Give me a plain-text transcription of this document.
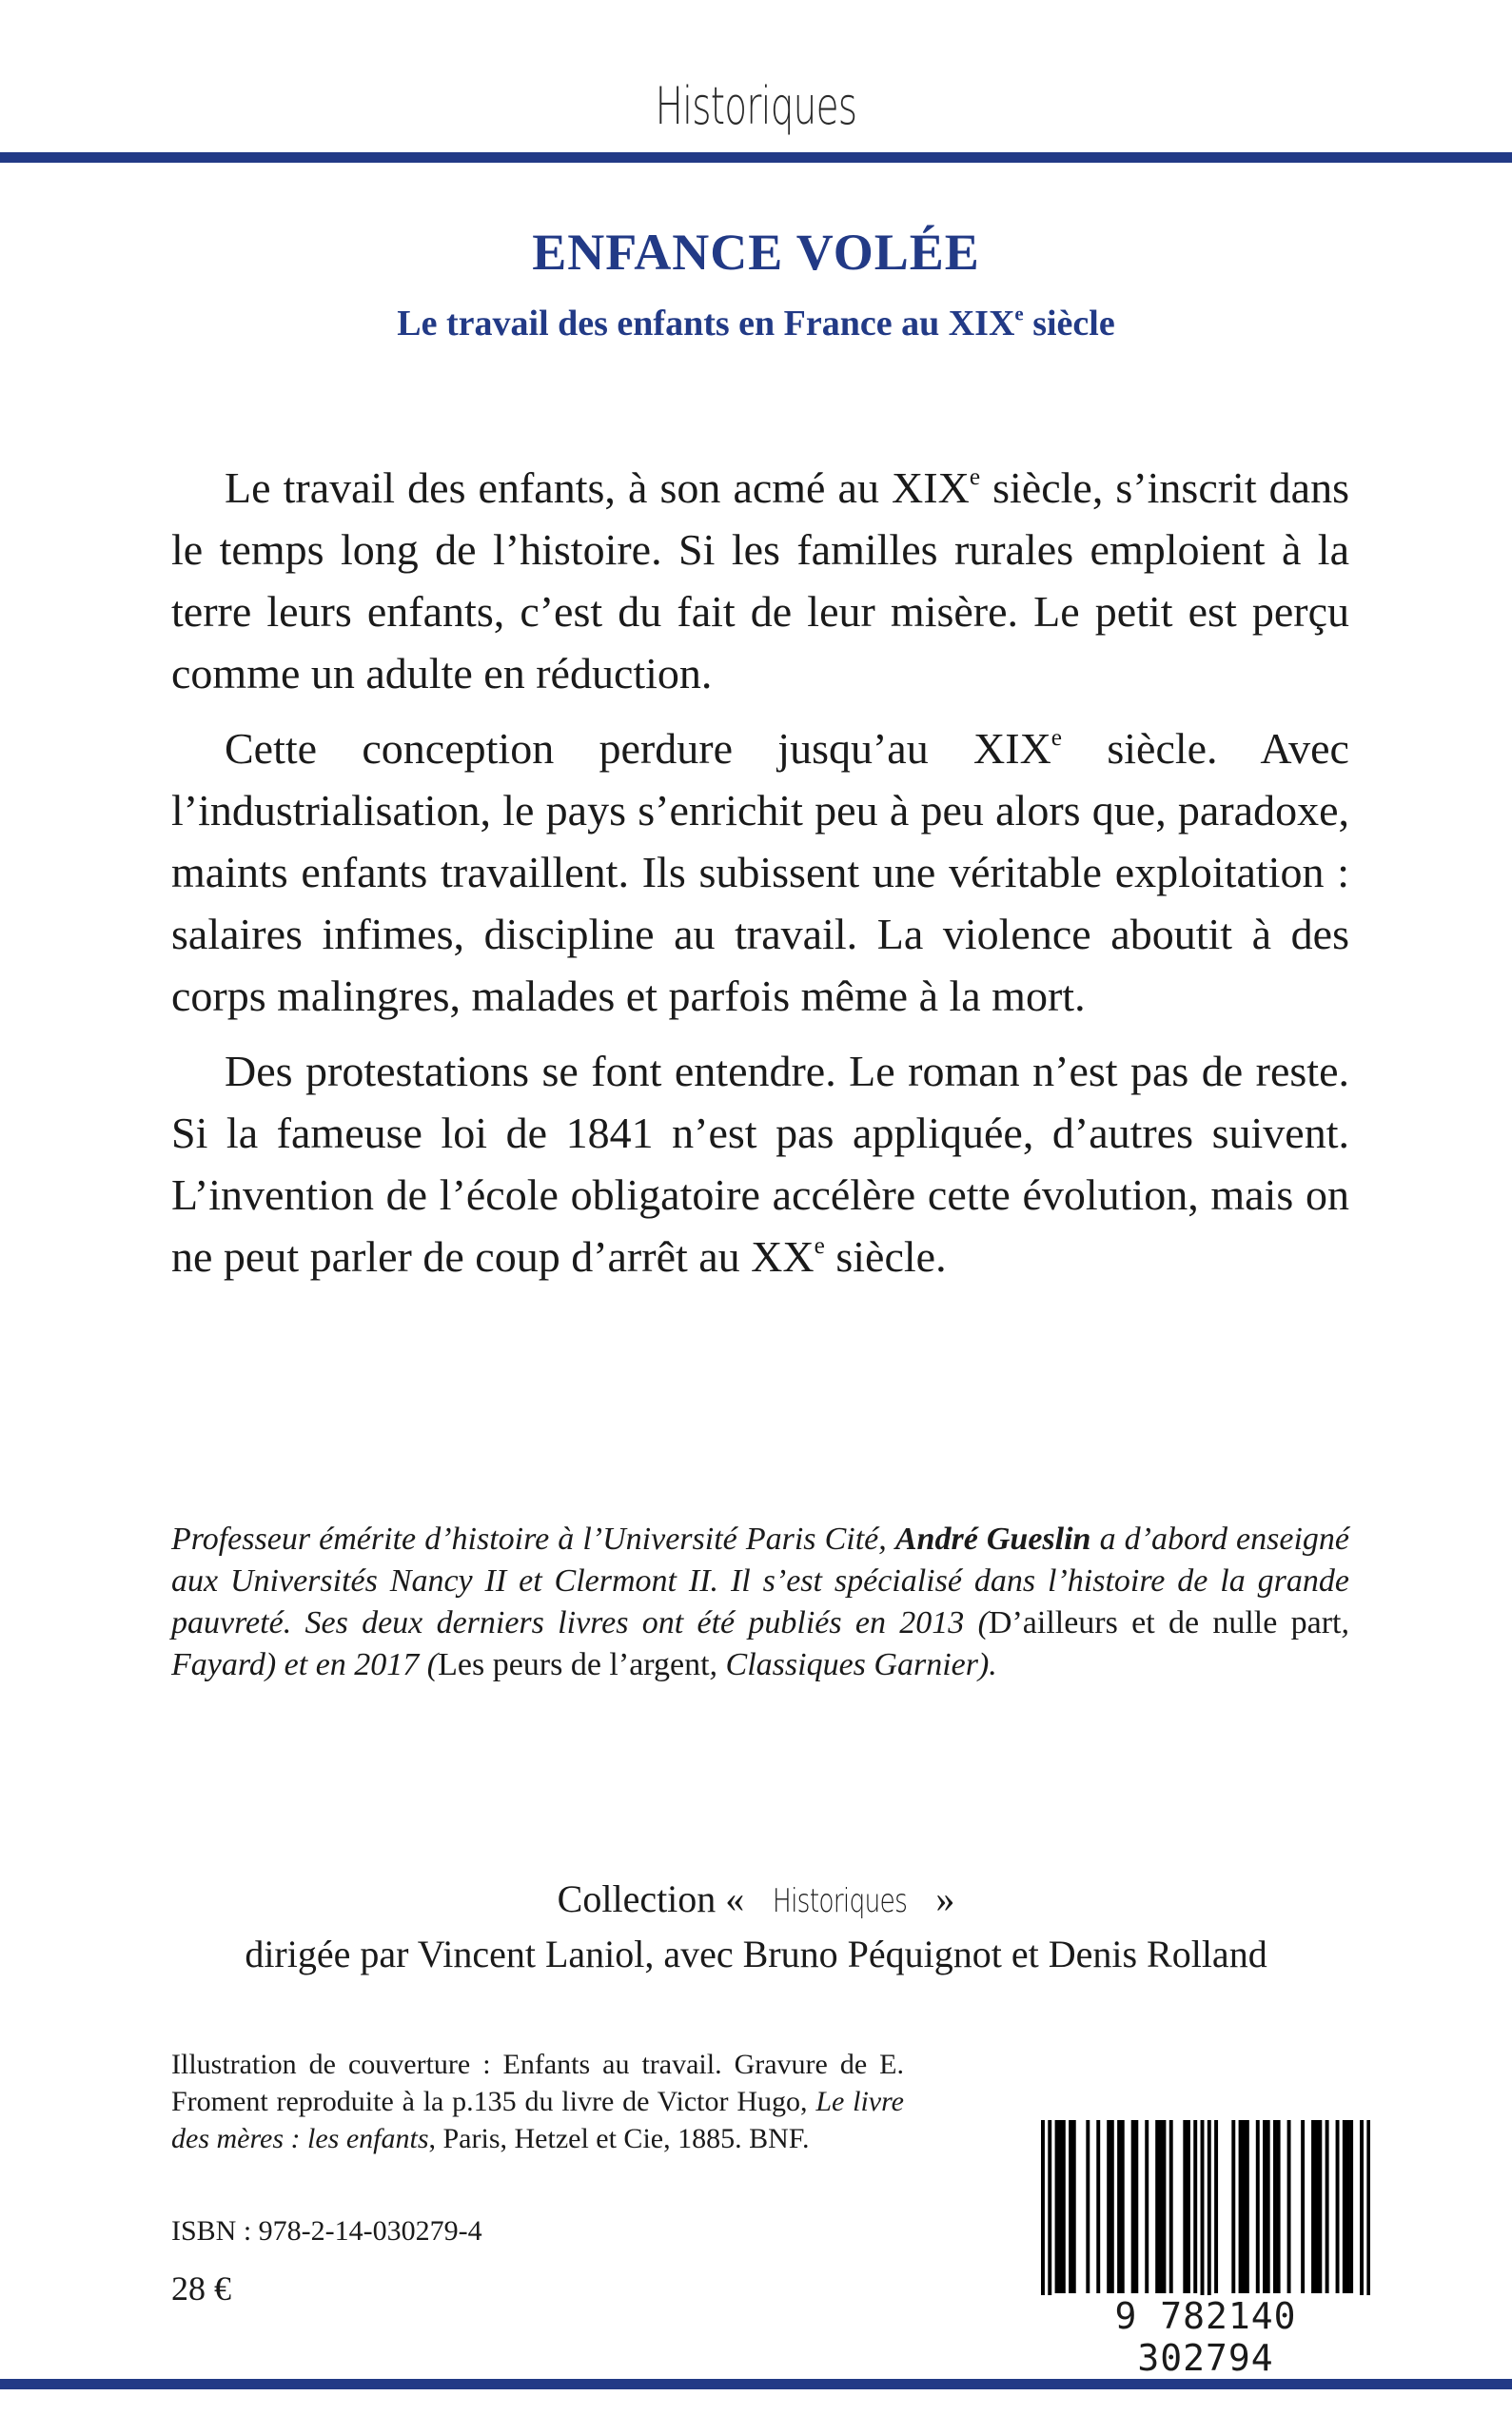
Historiques
ENFANCE VOLÉE
Le travail des enfants en France au XIXe siècle

Le travail des enfants, à son acmé au XIXe siècle, s’inscrit dans le temps long de l’histoire. Si les familles rurales emploient à la terre leurs enfants, c’est du fait de leur misère. Le petit est perçu comme un adulte en réduction.

Cette conception perdure jusqu’au XIXe siècle. Avec l’industrialisation, le pays s’enrichit peu à peu alors que, paradoxe, maints enfants travaillent. Ils subissent une véritable exploitation : salaires infimes, discipline au travail. La violence aboutit à des corps malingres, malades et parfois même à la mort.

Des protestations se font entendre. Le roman n’est pas de reste. Si la fameuse loi de 1841 n’est pas appliquée, d’autres suivent. L’invention de l’école obligatoire accélère cette évolution, mais on ne peut parler de coup d’arrêt au XXe siècle.

Professeur émérite d’histoire à l’Université Paris Cité, André Gueslin a d’abord enseigné aux Universités Nancy II et Clermont II. Il s’est spécialisé dans l’histoire de la grande pauvreté. Ses deux derniers livres ont été publiés en 2013 (D’ailleurs et de nulle part, Fayard) et en 2017 (Les peurs de l’argent, Classiques Garnier).
Collection « Historiques »
dirigée par Vincent Laniol, avec Bruno Péquignot et Denis Rolland
Illustration de couverture : Enfants au travail. Gravure de E. Froment reproduite à la p.135 du livre de Victor Hugo, Le livre des mères : les enfants, Paris, Hetzel et Cie, 1885. BNF.
ISBN : 978-2-14-030279-4
28 €
9 782140 302794
